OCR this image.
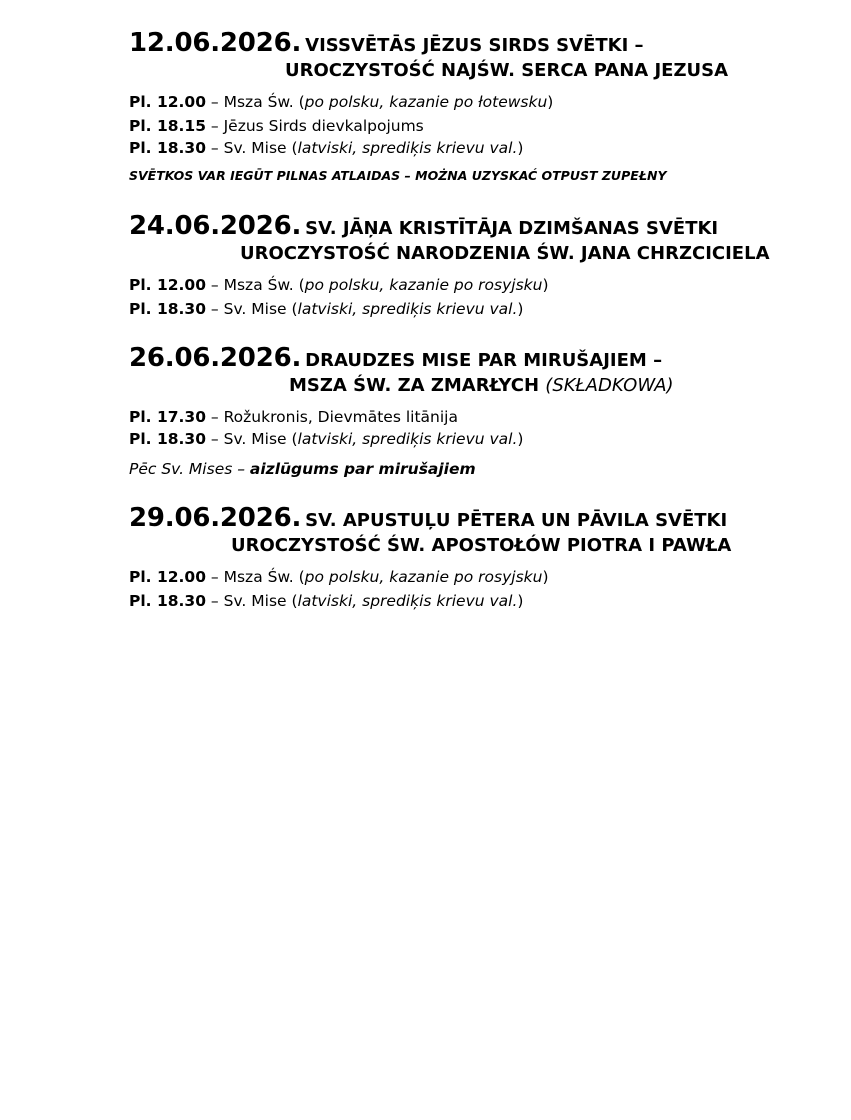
12.06.2026. VISSVĒTĀS JĒZUS SIRDS SVĒTKI –
UROCZYSTOŚĆ NAJŚW. SERCA PANA JEZUSA
Pl. 12.00 – Msza Św. (po polsku, kazanie po łotewsku)
Pl. 18.15 – Jēzus Sirds dievkalpojums
Pl. 18.30 – Sv. Mise (latviski, sprediķis krievu val.)
SVĒTKOS VAR IEGŪT PILNAS ATLAIDAS – MOŻNA UZYSKAĆ OTPUST ZUPEŁNY
24.06.2026. SV. JĀŅA KRISTĪTĀJA DZIMŠANAS SVĒTKI
UROCZYSTOŚĆ NARODZENIA ŚW. JANA CHRZCICIELA
Pl. 12.00 – Msza Św. (po polsku, kazanie po rosyjsku)
Pl. 18.30 – Sv. Mise (latviski, sprediķis krievu val.)
26.06.2026. DRAUDZES MISE PAR MIRUŠAJIEM –
MSZA ŚW. ZA ZMARŁYCH (SKŁADKOWA)
Pl. 17.30 – Rožukronis, Dievmātes litānija
Pl. 18.30 – Sv. Mise (latviski, sprediķis krievu val.)
Pēc Sv. Mises – aizlūgums par mirušajiem
29.06.2026. SV. APUSTUĻU PĒTERA UN PĀVILA SVĒTKI
UROCZYSTOŚĆ ŚW. APOSTOŁÓW PIOTRA I PAWŁA
Pl. 12.00 – Msza Św. (po polsku, kazanie po rosyjsku)
Pl. 18.30 – Sv. Mise (latviski, sprediķis krievu val.)
